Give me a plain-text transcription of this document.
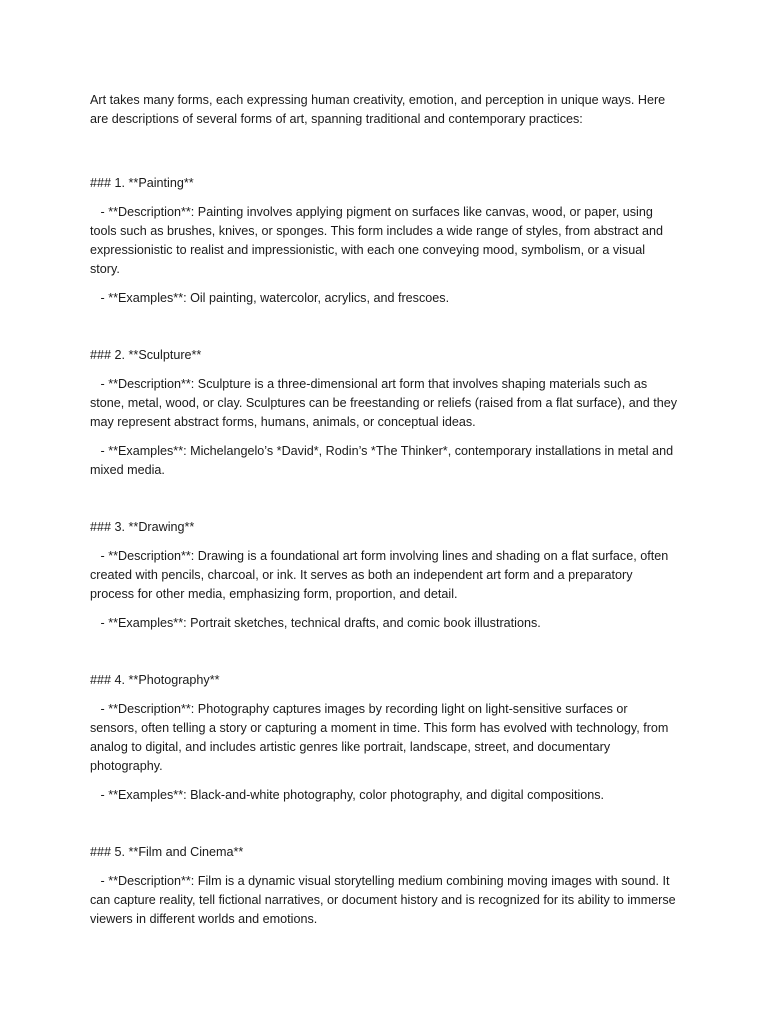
Art takes many forms, each expressing human creativity, emotion, and perception in unique ways. Here are descriptions of several forms of art, spanning traditional and contemporary practices:

### 1. **Painting**

- **Description**: Painting involves applying pigment on surfaces like canvas, wood, or paper, using tools such as brushes, knives, or sponges. This form includes a wide range of styles, from abstract and expressionistic to realist and impressionistic, with each one conveying mood, symbolism, or a visual story.

- **Examples**: Oil painting, watercolor, acrylics, and frescoes.

### 2. **Sculpture**

- **Description**: Sculpture is a three-dimensional art form that involves shaping materials such as stone, metal, wood, or clay. Sculptures can be freestanding or reliefs (raised from a flat surface), and they may represent abstract forms, humans, animals, or conceptual ideas.

- **Examples**: Michelangelo’s *David*, Rodin’s *The Thinker*, contemporary installations in metal and mixed media.

### 3. **Drawing**

- **Description**: Drawing is a foundational art form involving lines and shading on a flat surface, often created with pencils, charcoal, or ink. It serves as both an independent art form and a preparatory process for other media, emphasizing form, proportion, and detail.

- **Examples**: Portrait sketches, technical drafts, and comic book illustrations.

### 4. **Photography**

- **Description**: Photography captures images by recording light on light-sensitive surfaces or sensors, often telling a story or capturing a moment in time. This form has evolved with technology, from analog to digital, and includes artistic genres like portrait, landscape, street, and documentary photography.

- **Examples**: Black-and-white photography, color photography, and digital compositions.

### 5. **Film and Cinema**

- **Description**: Film is a dynamic visual storytelling medium combining moving images with sound. It can capture reality, tell fictional narratives, or document history and is recognized for its ability to immerse viewers in different worlds and emotions.
